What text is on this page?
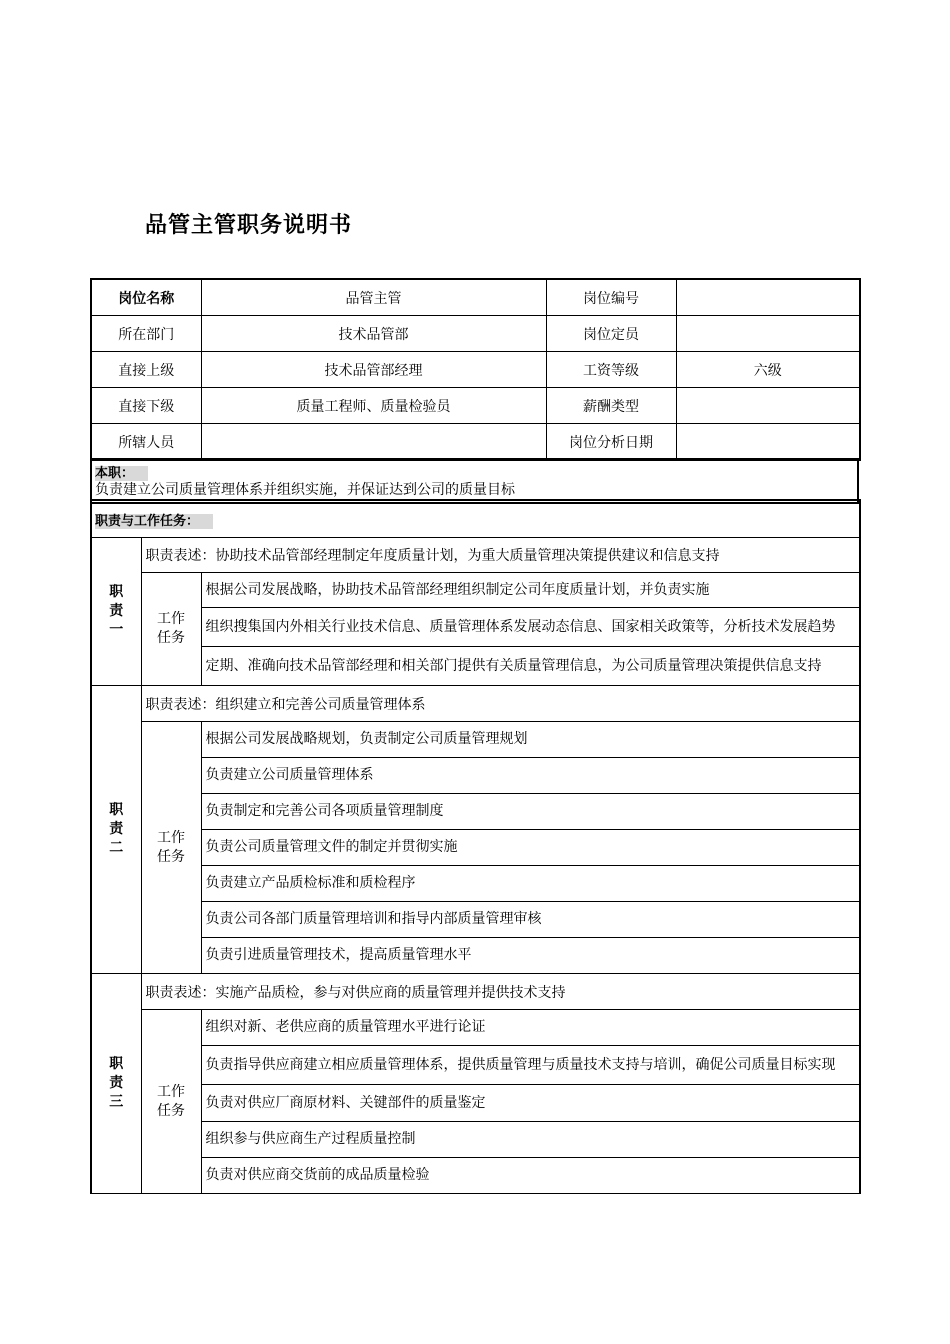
品管主管职务说明书
岗位名称	品管主管	岗位编号	
所在部门	技术品管部	岗位定员	
直接上级	技术品管部经理	工资等级	六级
直接下级	质量工程师、质量检验员	薪酬类型	
所辖人员		岗位分析日期	
本职：
负责建立公司质量管理体系并组织实施，并保证达到公司的质量目标
职责与工作任务：		

职
责
一	职责表述：协助技术品管部经理制定年度质量计划，为重大质量管理决策提供建议和信息支持	

	工作
任务	根据公司发展战略，协助技术品管部经理组织制定公司年度质量计划，并负责实施
		组织搜集国内外相关行业技术信息、质量管理体系发展动态信息、国家相关政策等，分析技术发展趋势
		定期、准确向技术品管部经理和相关部门提供有关质量管理信息，为公司质量管理决策提供信息支持

职
责
二	职责表述：组织建立和完善公司质量管理体系	

	工作
任务	根据公司发展战略规划，负责制定公司质量管理规划
		负责建立公司质量管理体系
		负责制定和完善公司各项质量管理制度
		负责公司质量管理文件的制定并贯彻实施
		负责建立产品质检标准和质检程序
		负责公司各部门质量管理培训和指导内部质量管理审核
		负责引进质量管理技术，提高质量管理水平

职
责
三	职责表述：实施产品质检，参与对供应商的质量管理并提供技术支持	

	工作
任务	组织对新、老供应商的质量管理水平进行论证
		负责指导供应商建立相应质量管理体系，提供质量管理与质量技术支持与培训，确促公司质量目标实现
		负责对供应厂商原材料、关键部件的质量鉴定
		组织参与供应商生产过程质量控制
		负责对供应商交货前的成品质量检验
